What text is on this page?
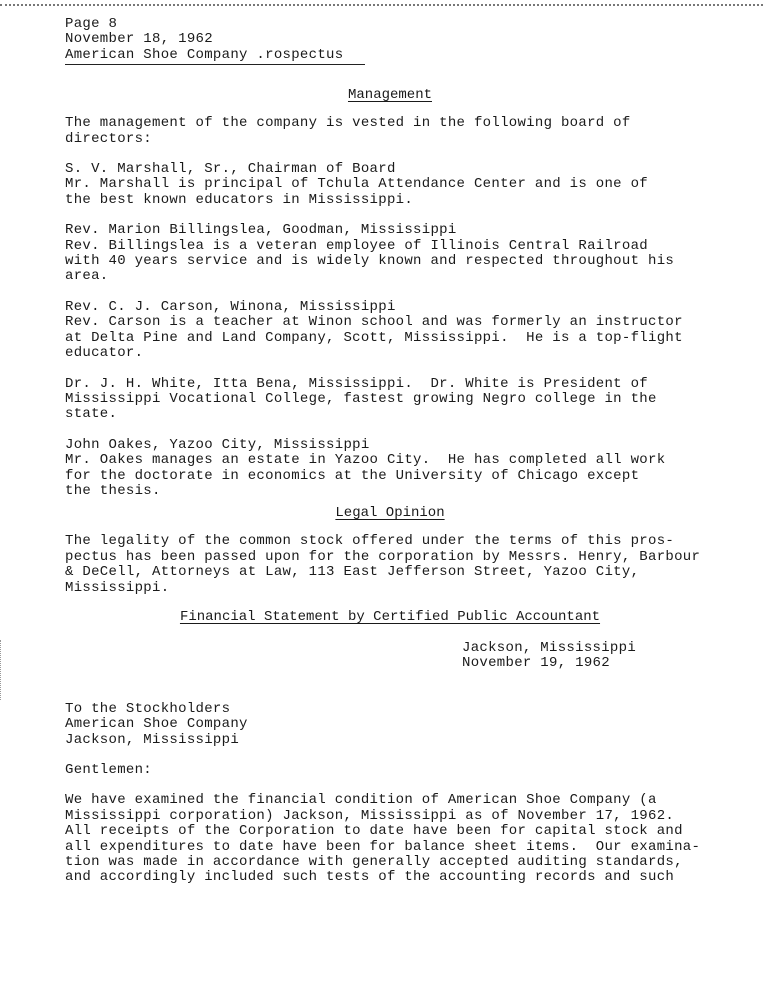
Page 8
November 18, 1962
American Shoe Company .rospectus
Management
The management of the company is vested in the following board of
directors:
S. V. Marshall, Sr., Chairman of Board
Mr. Marshall is principal of Tchula Attendance Center and is one of
the best known educators in Mississippi.
Rev. Marion Billingslea, Goodman, Mississippi
Rev. Billingslea is a veteran employee of Illinois Central Railroad
with 40 years service and is widely known and respected throughout his
area.
Rev. C. J. Carson, Winona, Mississippi
Rev. Carson is a teacher at Winon school and was formerly an instructor
at Delta Pine and Land Company, Scott, Mississippi.  He is a top-flight
educator.
Dr. J. H. White, Itta Bena, Mississippi.  Dr. White is President of
Mississippi Vocational College, fastest growing Negro college in the
state.
John Oakes, Yazoo City, Mississippi
Mr. Oakes manages an estate in Yazoo City.  He has completed all work
for the doctorate in economics at the University of Chicago except
the thesis.
Legal Opinion
The legality of the common stock offered under the terms of this pros-
pectus has been passed upon for the corporation by Messrs. Henry, Barbour
& DeCell, Attorneys at Law, 113 East Jefferson Street, Yazoo City,
Mississippi.
Financial Statement by Certified Public Accountant
Jackson, Mississippi
November 19, 1962
To the Stockholders
American Shoe Company
Jackson, Mississippi
Gentlemen:
We have examined the financial condition of American Shoe Company (a
Mississippi corporation) Jackson, Mississippi as of November 17, 1962.
All receipts of the Corporation to date have been for capital stock and
all expenditures to date have been for balance sheet items.  Our examina-
tion was made in accordance with generally accepted auditing standards,
and accordingly included such tests of the accounting records and such
